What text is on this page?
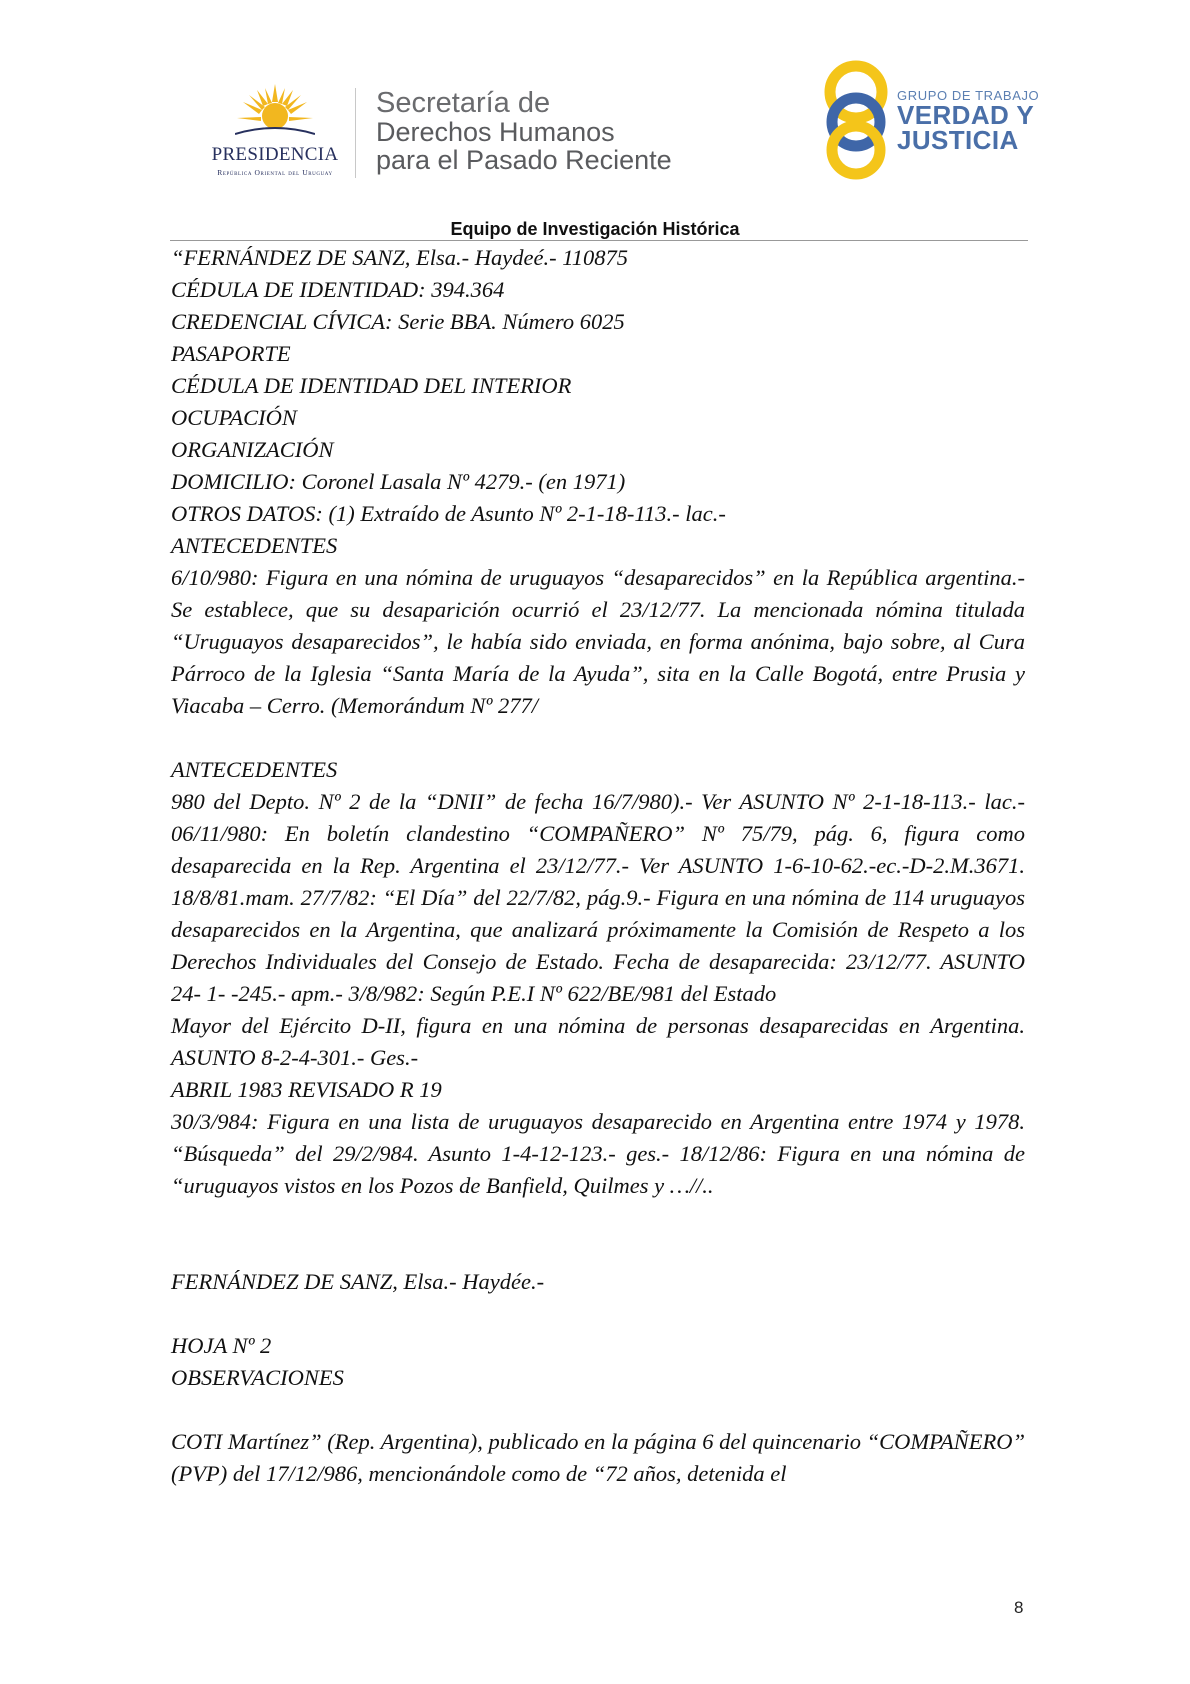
PRESIDENCIA
República Oriental del Uruguay
Secretaría de
Derechos Humanos
para el Pasado Reciente
GRUPO DE TRABAJO
VERDAD Y
JUSTICIA
Equipo de Investigación Histórica

“FERNÁNDEZ DE SANZ, Elsa.- Haydeé.- 110875

CÉDULA DE IDENTIDAD: 394.364

CREDENCIAL CÍVICA: Serie BBA. Número 6025

PASAPORTE

CÉDULA DE IDENTIDAD DEL INTERIOR

OCUPACIÓN

ORGANIZACIÓN

DOMICILIO: Coronel Lasala Nº 4279.- (en 1971)

OTROS DATOS: (1) Extraído de Asunto Nº 2-1-18-113.- lac.-

ANTECEDENTES

6/10/980: Figura en una nómina de uruguayos “desaparecidos” en la República argentina.- Se establece, que su desaparición ocurrió el 23/12/77. La mencionada nómina titulada “Uruguayos desaparecidos”, le había sido enviada, en forma anónima, bajo sobre, al Cura Párroco de la Iglesia “Santa María de la Ayuda”, sita en la Calle Bogotá, entre Prusia y Viacaba – Cerro. (Memorándum Nº 277/

ANTECEDENTES

980 del Depto. Nº 2 de la “DNII” de fecha 16/7/980).- Ver ASUNTO Nº 2-1-18-113.- lac.- 06/11/980: En boletín clandestino “COMPAÑERO” Nº 75/79, pág. 6, figura como desaparecida en la Rep. Argentina el 23/12/77.- Ver ASUNTO 1-6-10-62.-ec.-D-2.M.3671. 18/8/81.mam. 27/7/82: “El Día” del 22/7/82, pág.9.- Figura en una nómina de 114 uruguayos desaparecidos en la Argentina, que analizará próximamente la Comisión de Respeto a los Derechos Individuales del Consejo de Estado. Fecha de desaparecida: 23/12/77. ASUNTO 24- 1- -245.- apm.- 3/8/982: Según P.E.I Nº 622/BE/981 del Estado

Mayor del Ejército D-II, figura en una nómina de personas desaparecidas en Argentina. ASUNTO 8-2-4-301.- Ges.-

ABRIL 1983 REVISADO R 19

30/3/984: Figura en una lista de uruguayos desaparecido en Argentina entre 1974 y 1978. “Búsqueda” del 29/2/984. Asunto 1-4-12-123.- ges.- 18/12/86: Figura en una nómina de “uruguayos vistos en los Pozos de Banfield, Quilmes y …//..

FERNÁNDEZ DE SANZ, Elsa.- Haydée.-

HOJA Nº 2

OBSERVACIONES

COTI Martínez” (Rep. Argentina), publicado en la página 6 del quincenario “COMPAÑERO” (PVP) del 17/12/986, mencionándole como de “72 años, detenida el

8
